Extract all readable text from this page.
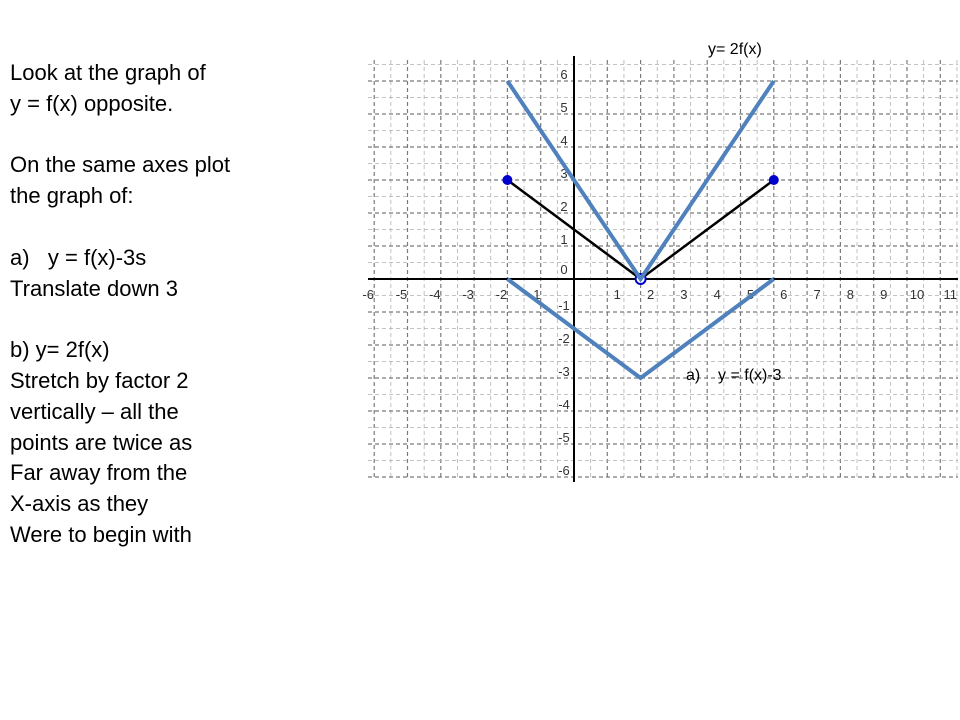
Look at the graph of
y = f(x) opposite.
On the same axes plot
the graph of:
a)   y = f(x)-3s
Translate down 3
b) y= 2f(x)
Stretch by factor 2
vertically – all the
points are twice as
Far away from the
X-axis as they
Were to begin with
-6 -5 -4 -3 -2 -1	1 2 3 4 5 6 7 8 9 10 11
6
5
4
3
2
1
0
-1
-2
-3
-4
-5
-6
y= 2f(x)
a)    y = f(x)-3
